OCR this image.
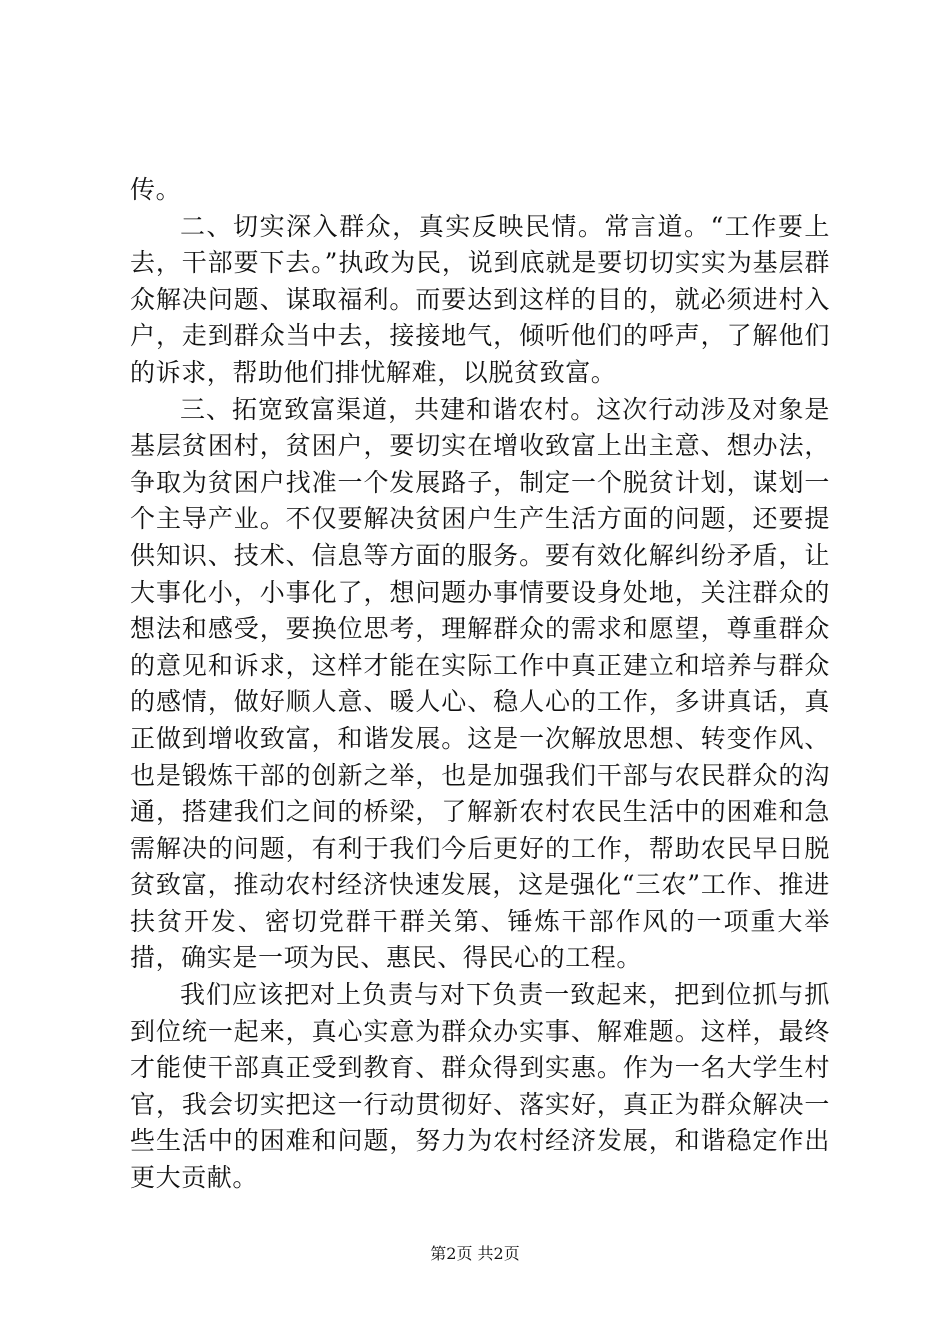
传。

二、切实深入群众，真实反映民情。常言道。“工作要上去，干部要下去。”执政为民，说到底就是要切切实实为基层群众解决问题、谋取福利。而要达到这样的目的，就必须进村入户，走到群众当中去，接接地气，倾听他们的呼声，了解他们的诉求，帮助他们排忧解难，以脱贫致富。

三、拓宽致富渠道，共建和谐农村。这次行动涉及对象是基层贫困村，贫困户，要切实在增收致富上出主意、想办法，争取为贫困户找准一个发展路子，制定一个脱贫计划，谋划一个主导产业。不仅要解决贫困户生产生活方面的问题，还要提供知识、技术、信息等方面的服务。要有效化解纠纷矛盾，让大事化小，小事化了，想问题办事情要设身处地，关注群众的想法和感受，要换位思考，理解群众的需求和愿望，尊重群众的意见和诉求，这样才能在实际工作中真正建立和培养与群众的感情，做好顺人意、暖人心、稳人心的工作，多讲真话，真正做到增收致富，和谐发展。这是一次解放思想、转变作风、也是锻炼干部的创新之举，也是加强我们干部与农民群众的沟通，搭建我们之间的桥梁，了解新农村农民生活中的困难和急需解决的问题，有利于我们今后更好的工作，帮助农民早日脱贫致富，推动农村经济快速发展，这是强化“三农”工作、推进扶贫开发、密切党群干群关第、锤炼干部作风的一项重大举措，确实是一项为民、惠民、得民心的工程。

我们应该把对上负责与对下负责一致起来，把到位抓与抓到位统一起来，真心实意为群众办实事、解难题。这样，最终才能使干部真正受到教育、群众得到实惠。作为一名大学生村官，我会切实把这一行动贯彻好、落实好，真正为群众解决一些生活中的困难和问题，努力为农村经济发展，和谐稳定作出更大贡献。

第2页 共2页
